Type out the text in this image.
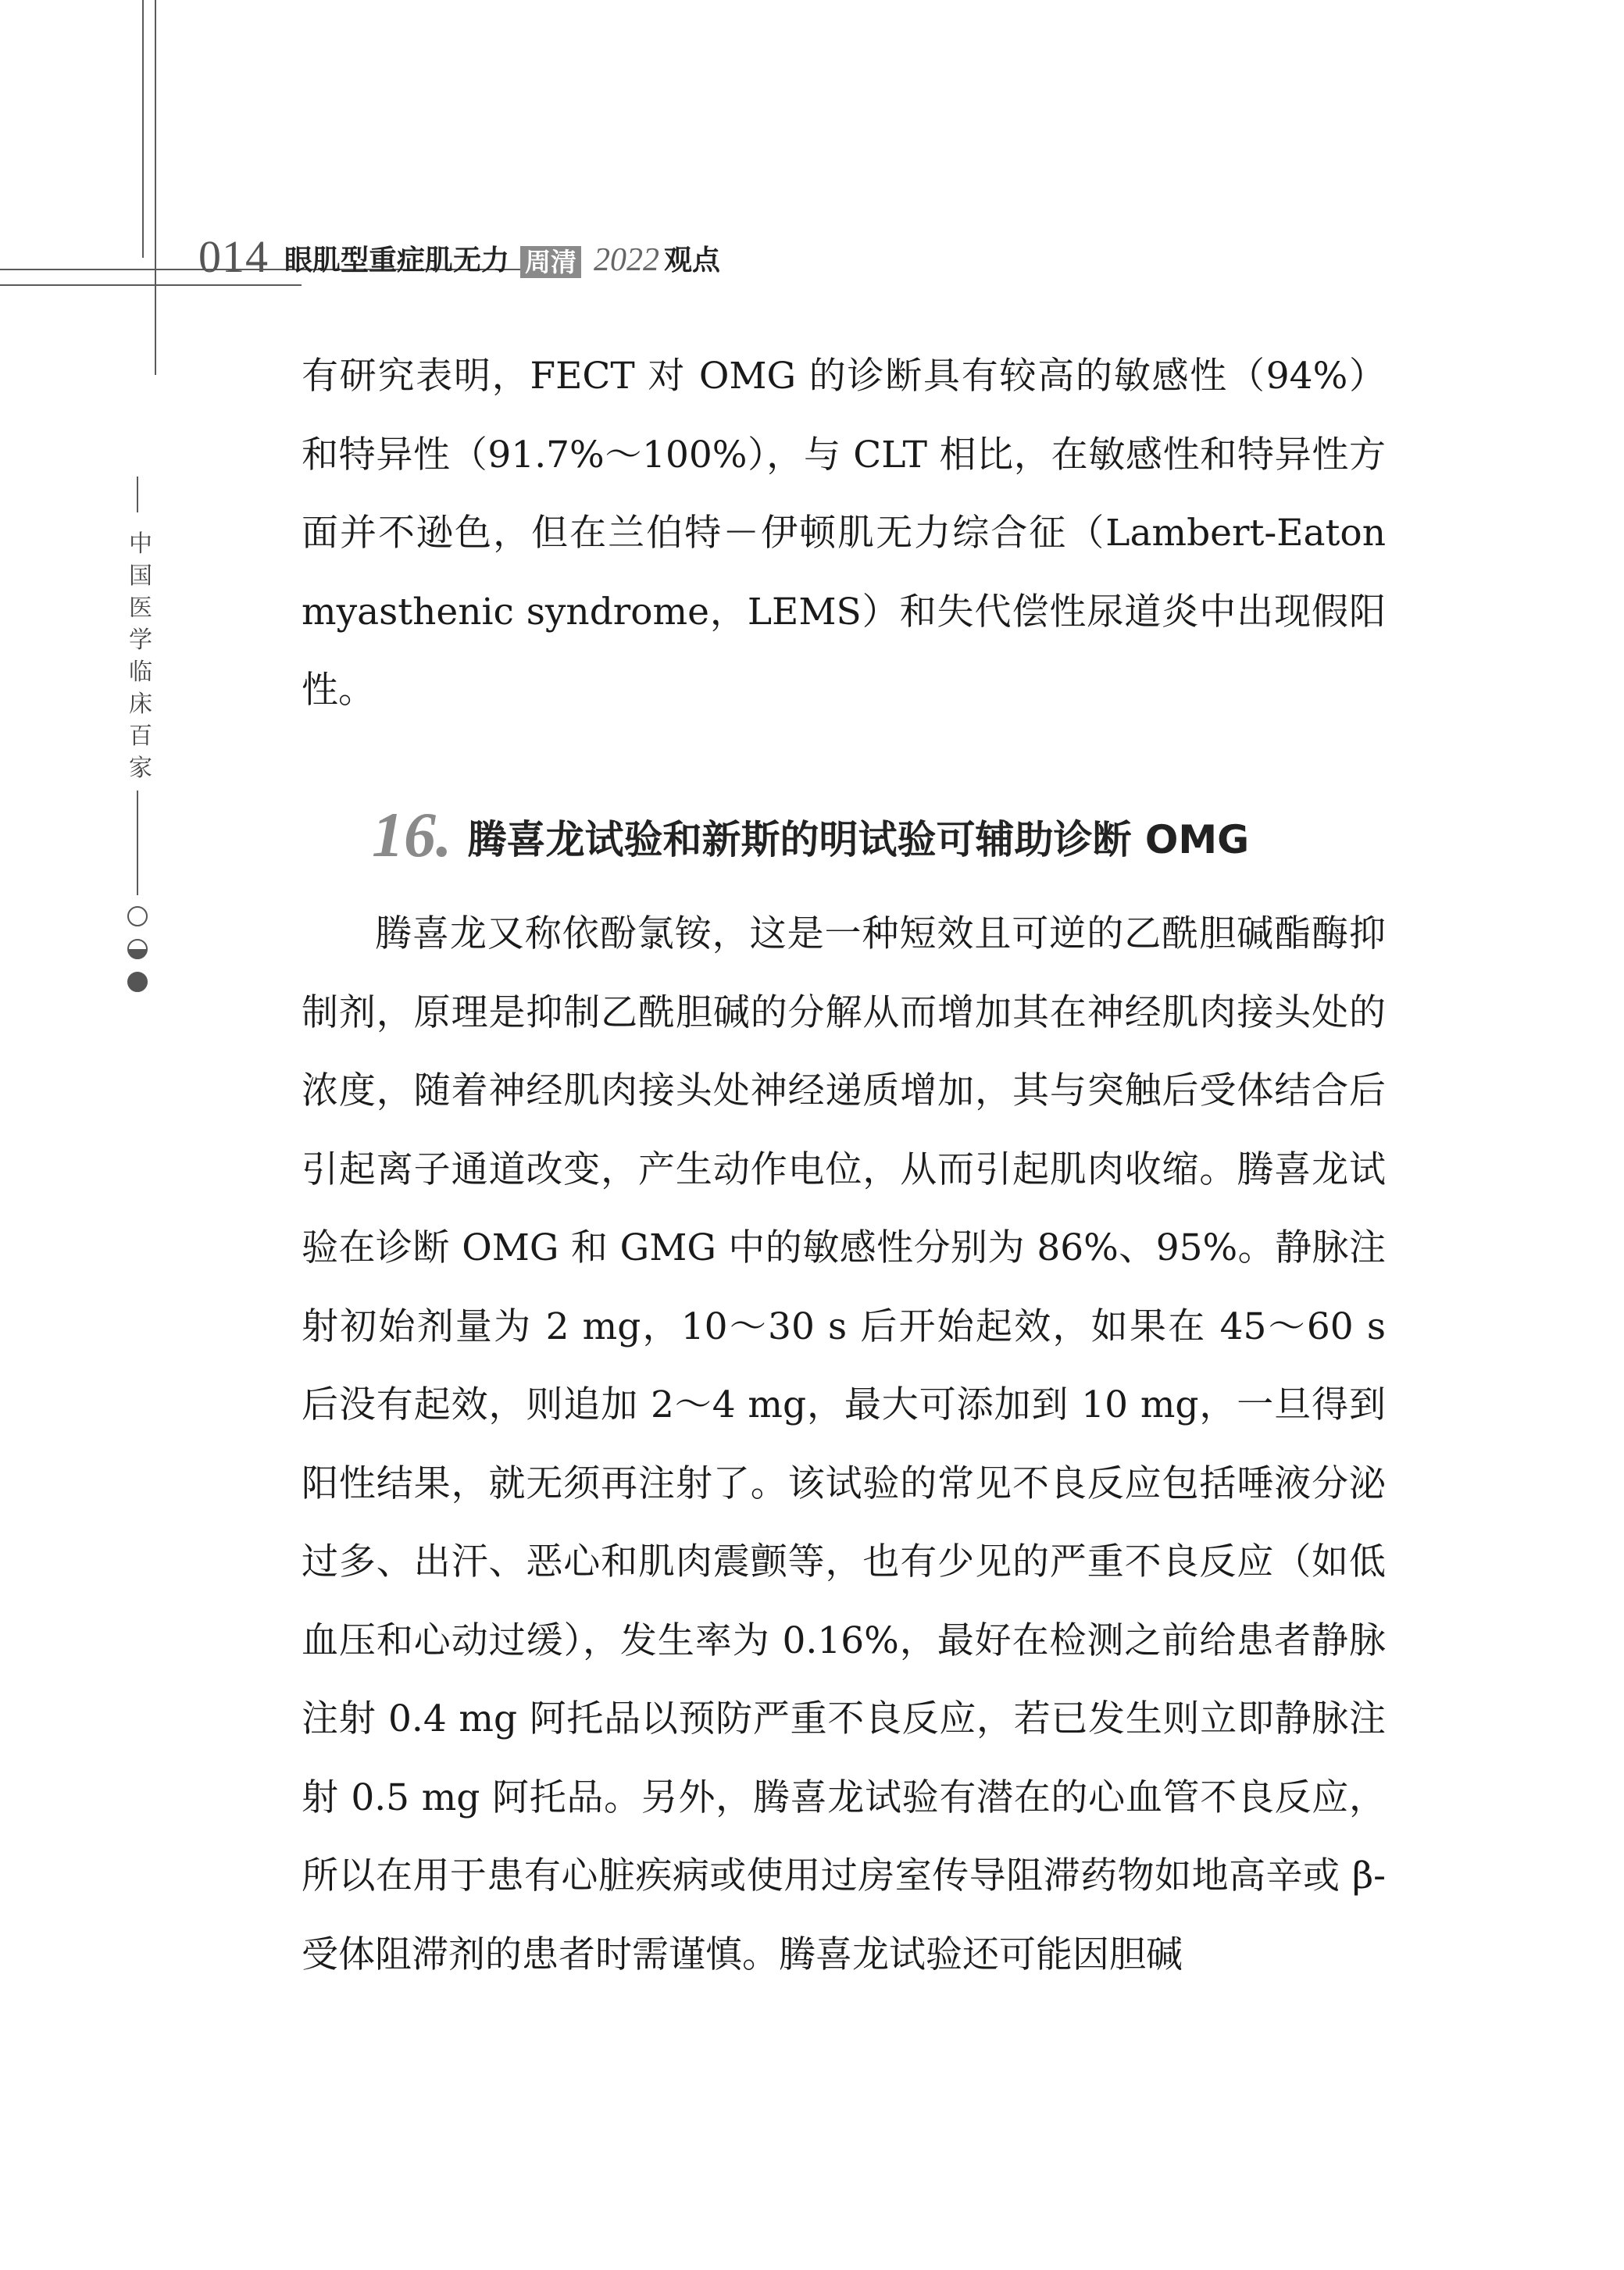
014 眼肌型重症肌无力 周清 2022 观点
中
国
医
学
临
床
百
家

有研究表明，FECT 对 OMG 的诊断具有较高的敏感性（94%）和特异性（91.7%～100%），与 CLT 相比，在敏感性和特异性方面并不逊色，但在兰伯特－伊顿肌无力综合征（Lambert-Eaton myasthenic syndrome，LEMS）和失代偿性尿道炎中出现假阳性。

16. 腾喜龙试验和新斯的明试验可辅助诊断 OMG

腾喜龙又称依酚氯铵，这是一种短效且可逆的乙酰胆碱酯酶抑制剂，原理是抑制乙酰胆碱的分解从而增加其在神经肌肉接头处的浓度，随着神经肌肉接头处神经递质增加，其与突触后受体结合后引起离子通道改变，产生动作电位，从而引起肌肉收缩。腾喜龙试验在诊断 OMG 和 GMG 中的敏感性分别为 86%、95%。静脉注射初始剂量为 2 mg，10～30 s 后开始起效，如果在 45～60 s 后没有起效，则追加 2～4 mg，最大可添加到 10 mg，一旦得到阳性结果，就无须再注射了。该试验的常见不良反应包括唾液分泌过多、出汗、恶心和肌肉震颤等，也有少见的严重不良反应（如低血压和心动过缓），发生率为 0.16%，最好在检测之前给患者静脉注射 0.4 mg 阿托品以预防严重不良反应，若已发生则立即静脉注射 0.5 mg 阿托品。另外，腾喜龙试验有潜在的心血管不良反应，所以在用于患有心脏疾病或使用过房室传导阻滞药物如地高辛或 β-受体阻滞剂的患者时需谨慎。腾喜龙试验还可能因胆碱
